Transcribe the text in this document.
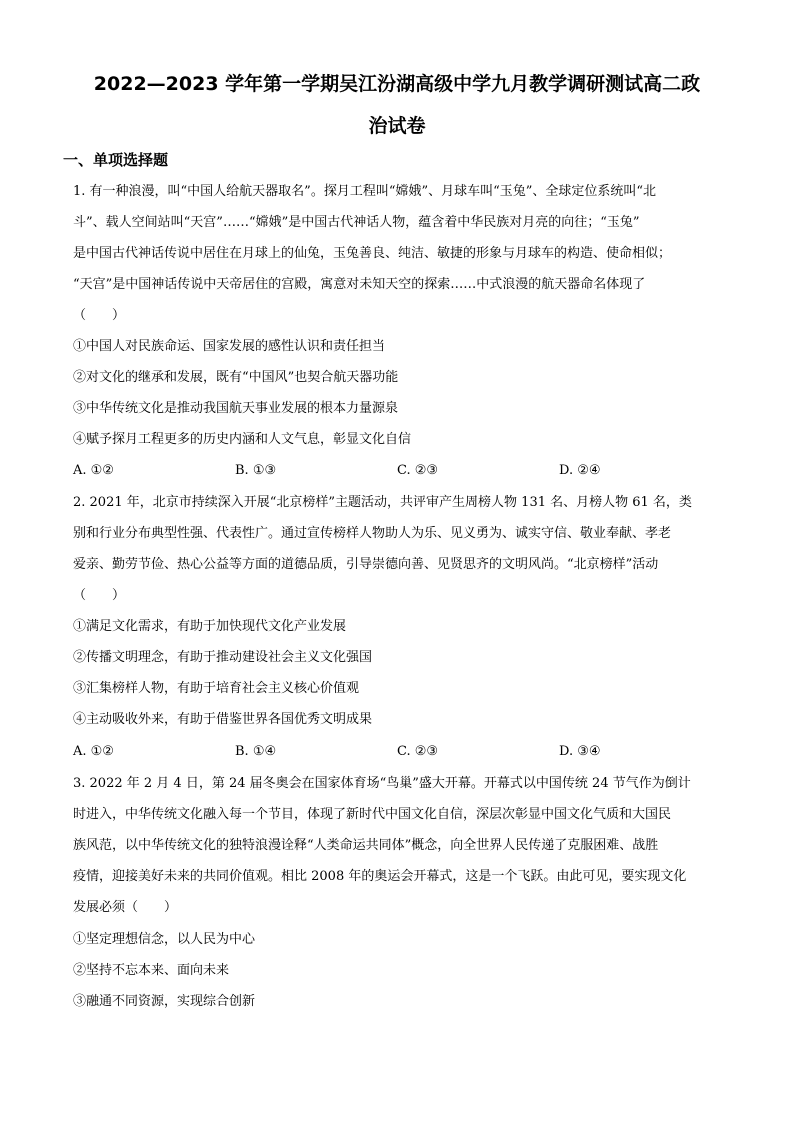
2022—2023 学年第一学期吴江汾湖高级中学九月教学调研测试高二政
治试卷
一、单项选择题
1. 有一种浪漫，叫“中国人给航天器取名”。探月工程叫“嫦娥”、月球车叫“玉兔”、全球定位系统叫“北
斗”、载人空间站叫“天宫”……“嫦娥”是中国古代神话人物，蕴含着中华民族对月亮的向往；“玉兔”
是中国古代神话传说中居住在月球上的仙兔，玉兔善良、纯洁、敏捷的形象与月球车的构造、使命相似；
“天宫”是中国神话传说中天帝居住的宫殿，寓意对未知天空的探索……中式浪漫的航天器命名体现了
（　　）
①中国人对民族命运、国家发展的感性认识和责任担当
②对文化的继承和发展，既有“中国风”也契合航天器功能
③中华传统文化是推动我国航天事业发展的根本力量源泉
④赋予探月工程更多的历史内涵和人文气息，彰显文化自信
A. ①②	B. ①③	C. ②③	D. ②④
2. 2021 年，北京市持续深入开展“北京榜样”主题活动，共评审产生周榜人物 131 名、月榜人物 61 名，类
别和行业分布典型性强、代表性广。通过宣传榜样人物助人为乐、见义勇为、诚实守信、敬业奉献、孝老
爱亲、勤劳节俭、热心公益等方面的道德品质，引导崇德向善、见贤思齐的文明风尚。“北京榜样”活动
（　　）
①满足文化需求，有助于加快现代文化产业发展
②传播文明理念，有助于推动建设社会主义文化强国
③汇集榜样人物，有助于培育社会主义核心价值观
④主动吸收外来，有助于借鉴世界各国优秀文明成果
A. ①②	B. ①④	C. ②③	D. ③④
3. 2022 年 2 月 4 日，第 24 届冬奥会在国家体育场“鸟巢”盛大开幕。开幕式以中国传统 24 节气作为倒计
时进入，中华传统文化融入每一个节目，体现了新时代中国文化自信，深层次彰显中国文化气质和大国民
族风范，以中华传统文化的独特浪漫诠释“人类命运共同体”概念，向全世界人民传递了克服困难、战胜
疫情，迎接美好未来的共同价值观。相比 2008 年的奥运会开幕式，这是一个飞跃。由此可见，要实现文化
发展必须（　　）
①坚定理想信念，以人民为中心
②坚持不忘本来、面向未来
③融通不同资源，实现综合创新
